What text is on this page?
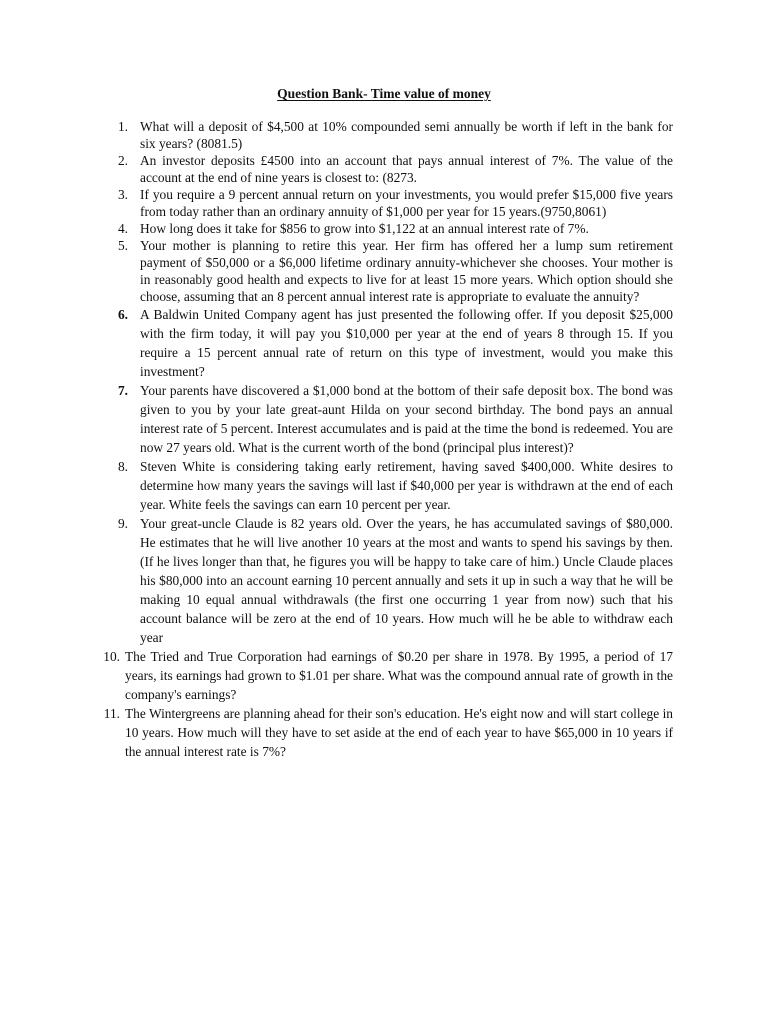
Question Bank- Time value of money
1. What will a deposit of $4,500 at 10% compounded semi annually be worth if left in the bank for six years? (8081.5)
2. An investor deposits £4500 into an account that pays annual interest of 7%. The value of the account at the end of nine years is closest to: (8273.
3. If you require a 9 percent annual return on your investments, you would prefer $15,000 five years from today rather than an ordinary annuity of $1,000 per year for 15 years.(9750,8061)
4. How long does it take for $856 to grow into $1,122 at an annual interest rate of 7%.
5. Your mother is planning to retire this year. Her firm has offered her a lump sum retirement payment of $50,000 or a $6,000 lifetime ordinary annuity-whichever she chooses. Your mother is in reasonably good health and expects to live for at least 15 more years. Which option should she choose, assuming that an 8 percent annual interest rate is appropriate to evaluate the annuity?
6. A Baldwin United Company agent has just presented the following offer. If you deposit $25,000 with the firm today, it will pay you $10,000 per year at the end of years 8 through 15. If you require a 15 percent annual rate of return on this type of investment, would you make this investment?
7. Your parents have discovered a $1,000 bond at the bottom of their safe deposit box. The bond was given to you by your late great-aunt Hilda on your second birthday. The bond pays an annual interest rate of 5 percent. Interest accumulates and is paid at the time the bond is redeemed. You are now 27 years old. What is the current worth of the bond (principal plus interest)?
8. Steven White is considering taking early retirement, having saved $400,000. White desires to determine how many years the savings will last if $40,000 per year is withdrawn at the end of each year. White feels the savings can earn 10 percent per year.
9. Your great-uncle Claude is 82 years old. Over the years, he has accumulated savings of $80,000. He estimates that he will live another 10 years at the most and wants to spend his savings by then. (If he lives longer than that, he figures you will be happy to take care of him.) Uncle Claude places his $80,000 into an account earning 10 percent annually and sets it up in such a way that he will be making 10 equal annual withdrawals (the first one occurring 1 year from now) such that his account balance will be zero at the end of 10 years. How much will he be able to withdraw each year
10. The Tried and True Corporation had earnings of $0.20 per share in 1978. By 1995, a period of 17 years, its earnings had grown to $1.01 per share. What was the compound annual rate of growth in the company's earnings?
11. The Wintergreens are planning ahead for their son's education. He's eight now and will start college in 10 years. How much will they have to set aside at the end of each year to have $65,000 in 10 years if the annual interest rate is 7%?
